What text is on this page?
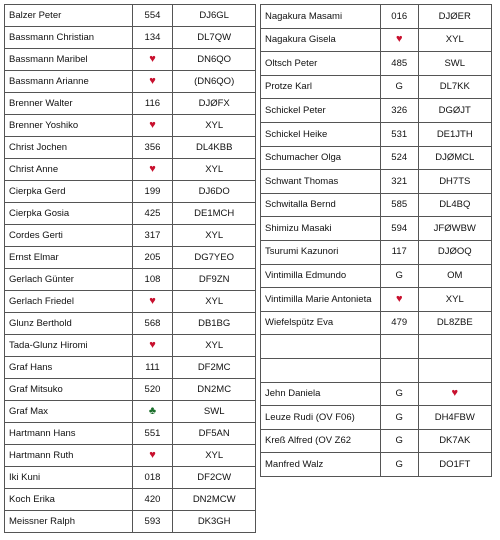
Balzer Peter	554	DJ6GL
Bassmann Christian	134	DL7QW
Bassmann Maribel	♥	DN6QO
Bassmann Arianne	♥	(DN6QO)
Brenner Walter	116	DJØFX
Brenner Yoshiko	♥	XYL
Christ Jochen	356	DL4KBB
Christ Anne	♥	XYL
Cierpka Gerd	199	DJ6DO
Cierpka Gosia	425	DE1MCH
Cordes Gerti	317	XYL
Ernst Elmar	205	DG7YEO
Gerlach Günter	108	DF9ZN
Gerlach Friedel	♥	XYL
Glunz Berthold	568	DB1BG
Tada-Glunz Hiromi	♥	XYL
Graf Hans	111	DF2MC
Graf Mitsuko	520	DN2MC
Graf Max	♣	SWL
Hartmann Hans	551	DF5AN
Hartmann Ruth	♥	XYL
Iki Kuni	018	DF2CW
Koch Erika	420	DN2MCW
Meissner Ralph	593	DK3GH
Nagakura Masami	016	DJØER
Nagakura Gisela	♥	XYL
Oltsch Peter	485	SWL
Protze Karl	G	DL7KK
Schickel Peter	326	DGØJT
Schickel Heike	531	DE1JTH
Schumacher Olga	524	DJØMCL
Schwant Thomas	321	DH7TS
Schwitalla Bernd	585	DL4BQ
Shimizu Masaki	594	JFØWBW
Tsurumi Kazunori	117	DJØOQ
Vintimilla Edmundo	G	OM
Vintimilla Marie Antonieta	♥	XYL
Wiefelspütz Eva	479	DL8ZBE

Jehn Daniela	G	♥
Leuze Rudi (OV F06)	G	DH4FBW
Kreß Alfred (OV Z62	G	DK7AK
Manfred Walz	G	DO1FT
